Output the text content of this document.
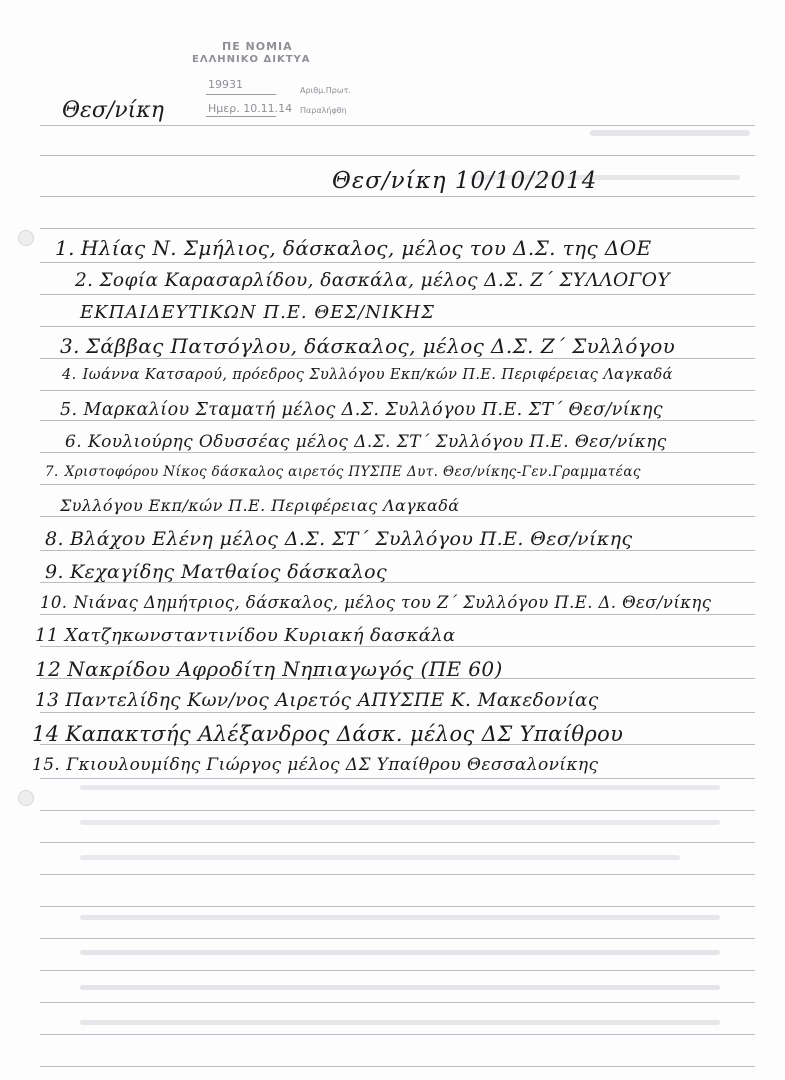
ΠΕ ΝΟΜΙΑ
ΕΛΛΗΝΙΚΟ ΔΙΚΤΥΑ
19931	Αριθμ.Πρωτ.
Ημερ. 10.11.14 Παραλήφθη
Θεσ/νίκη
Θεσ/νίκη 10/10/2014
1. Ηλίας Ν. Σμήλιος, δάσκαλος, μέλος του Δ.Σ. της ΔΟΕ
2. Σοφία Καρασαρλίδου, δασκάλα, μέλος Δ.Σ. Ζ΄ ΣΥΛΛΟΓΟΥ
ΕΚΠΑΙΔΕΥΤΙΚΩΝ Π.Ε. ΘΕΣ/ΝΙΚΗΣ
3. Σάββας Πατσόγλου, δάσκαλος, μέλος Δ.Σ. Ζ΄ Συλλόγου
4. Ιωάννα Κατσαρού, πρόεδρος Συλλόγου Εκπ/κών Π.Ε. Περιφέρειας Λαγκαδά
5. Μαρκαλίου Σταματή μέλος Δ.Σ. Συλλόγου Π.Ε. ΣΤ΄ Θεσ/νίκης
6. Κουλιούρης Οδυσσέας μέλος Δ.Σ. ΣΤ΄ Συλλόγου Π.Ε. Θεσ/νίκης
7. Χριστοφόρου Νίκος δάσκαλος αιρετός ΠΥΣΠΕ Δυτ. Θεσ/νίκης-Γεν.Γραμματέας
Συλλόγου Εκπ/κών Π.Ε. Περιφέρειας Λαγκαδά
8. Βλάχου Ελένη μέλος Δ.Σ. ΣΤ΄ Συλλόγου Π.Ε. Θεσ/νίκης
9. Κεχαγίδης Ματθαίος δάσκαλος
10. Νιάνας Δημήτριος, δάσκαλος, μέλος του Ζ΄ Συλλόγου Π.Ε. Δ. Θεσ/νίκης
11 Χατζηκωνσταντινίδου Κυριακή δασκάλα
12 Νακρίδου Αφροδίτη Νηπιαγωγός (ΠΕ 60)
13 Παντελίδης Κων/νος Αιρετός ΑΠΥΣΠΕ Κ. Μακεδονίας
14 Καπακτσής Αλέξανδρος Δάσκ. μέλος ΔΣ Υπαίθρου
15. Γκιουλουμίδης Γιώργος μέλος ΔΣ Υπαίθρου Θεσσαλονίκης
